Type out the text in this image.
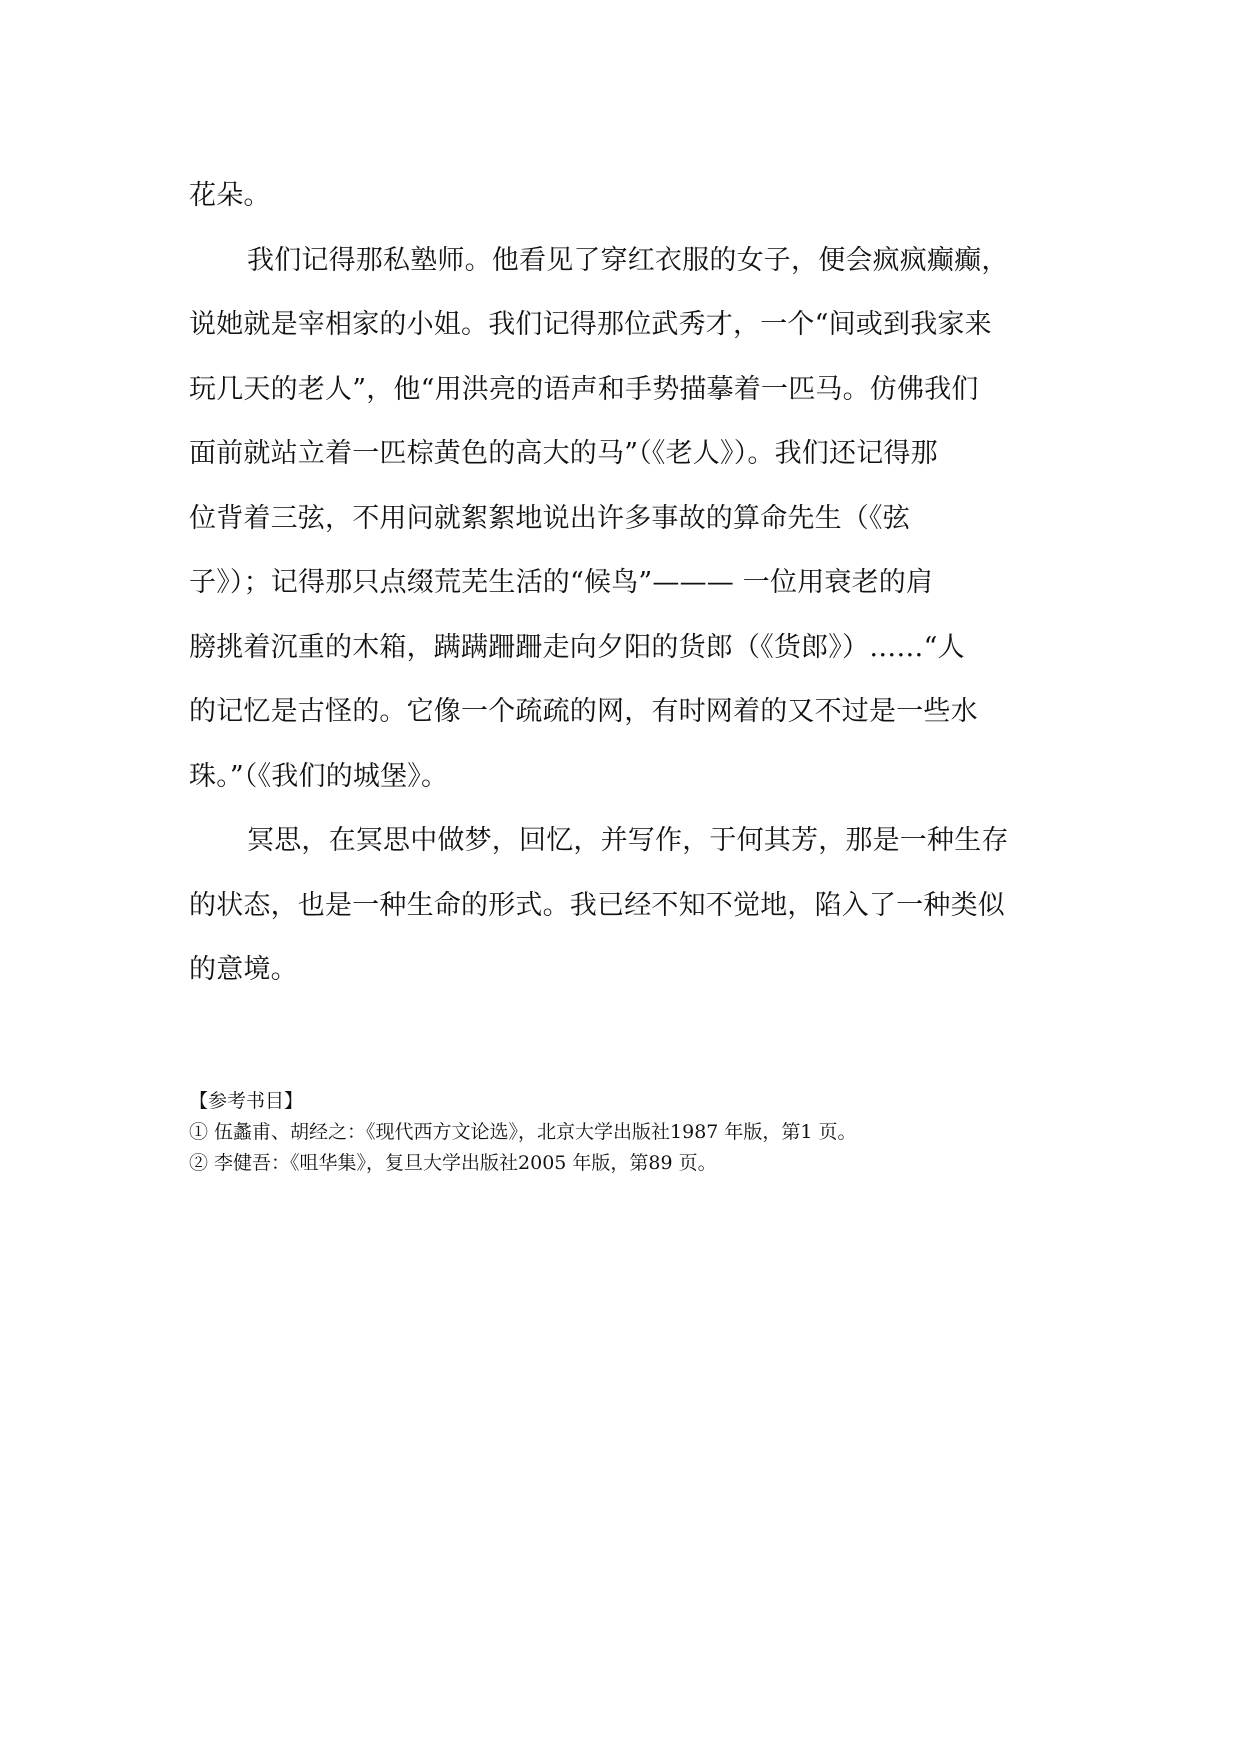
花朵。
我们记得那私塾师。他看见了穿红衣服的女子，便会疯疯癫癫，
说她就是宰相家的小姐。我们记得那位武秀才，一个“间或到我家来
玩几天的老人”，他“用洪亮的语声和手势描摹着一匹马。仿佛我们
面前就站立着一匹棕黄色的高大的马”（《老人》）。我们还记得那
位背着三弦，不用问就絮絮地说出许多事故的算命先生（《弦
子》）；记得那只点缀荒芜生活的“候鸟”——— 一位用衰老的肩
膀挑着沉重的木箱，蹒蹒跚跚走向夕阳的货郎（《货郎》）……“人
的记忆是古怪的。它像一个疏疏的网，有时网着的又不过是一些水
珠。”（《我们的城堡》。
冥思，在冥思中做梦，回忆，并写作，于何其芳，那是一种生存
的状态，也是一种生命的形式。我已经不知不觉地，陷入了一种类似
的意境。
【参考书目】
① 伍蠡甫、胡经之：《现代西方文论选》，北京大学出版社1987 年版，第1 页。
② 李健吾：《咀华集》，复旦大学出版社2005 年版，第89 页。
